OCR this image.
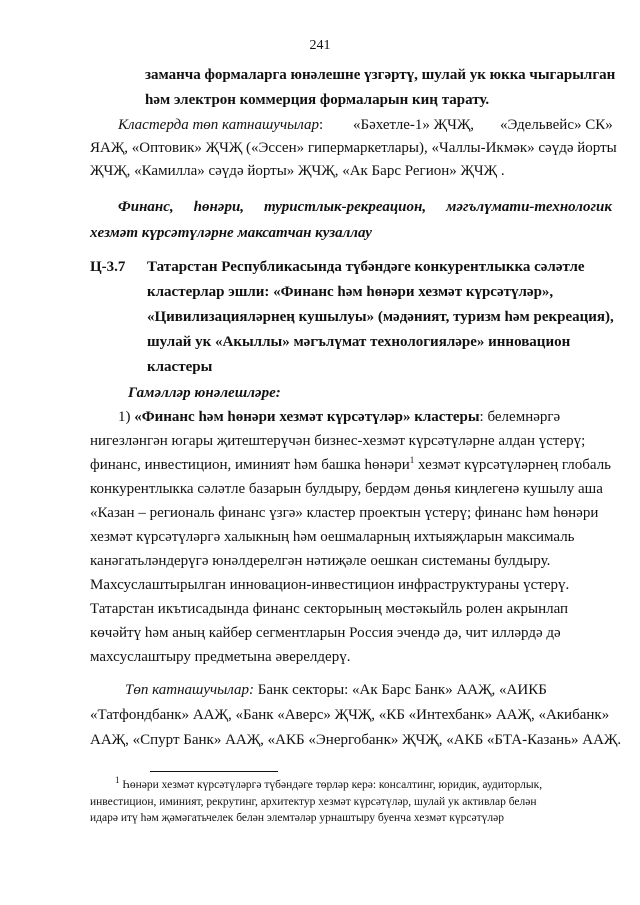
241
заманча формаларга юнәлешне үзгәртү, шулай ук юкка чыгарылган
һәм электрон коммерция формаларын киң тарату.
Кластерда төп катнашучылар: «Бәхетле-1» ҖЧҖ, «Эдельвейс» СК»
ЯАҖ, «Оптовик» ҖЧҖ («Эссен» гипермаркетлары), «Чаллы-Икмәк» сәүдә йорты
ҖЧҖ, «Камилла» сәүдә йорты» ҖЧҖ, «Ак Барс Регион» ҖЧҖ .
Финанс, һөнәри, туристлык-рекреацион, мәгълүмати-технологик
хезмәт күрсәтүләрне максатчан кузаллау
Ц-3.7 Татарстан Республикасында түбәндәге конкурентлыкка сәләтле
кластерлар эшли: «Финанс һәм һөнәри хезмәт күрсәтүләр»,
«Цивилизацияләрнең кушылуы» (мәдәният, туризм һәм рекреация),
шулай ук «Акыллы» мәгълүмат технологияләре» инновацион
кластеры
Гамәлләр юнәлешләре:
1) «Финанс һәм һөнәри хезмәт күрсәтүләр» кластеры: белемнәргә
нигезләнгән югары җитештерүчән бизнес-хезмәт күрсәтүләрне алдан үстерү;
финанс, инвестицион, иминият һәм башка һөнәри$^1$ хезмәт күрсәтүләрнең глобаль
конкурентлыкка сәләтле базарын булдыру, бердәм дөнья киңлегенә кушылу аша
«Казан – региональ финанс үзгә» кластер проектын үстерү; финанс һәм һөнәри
хезмәт күрсәтүләргә халыкның һәм оешмаларның ихтыяҗларын максималь
канәгатьләндерүгә юнәлдерелгән нәтиҗәле оешкан системаны булдыру.
Махсуслаштырылган инновацион-инвестицион инфраструктураны үстерү.
Татарстан икътисадында финанс секторының мөстәкыйль ролен акрынлап
көчәйтү һәм аның кайбер сегментларын Россия эчендә дә, чит илләрдә дә
махсуслаштыру предметына әверелдерү.
Төп катнашучылар: Банк секторы: «Ак Барс Банк» ААҖ, «АИКБ
«Татфондбанк» ААҖ, «Банк «Аверс» ҖЧҖ, «КБ «Интехбанк» ААҖ, «Акибанк»
ААҖ, «Спурт Банк» ААҖ, «АКБ «Энергобанк» ҖЧҖ, «АКБ «БТА-Казань» ААҖ.
$^1$ Һөнәри хезмәт күрсәтүләргә түбәндәге төрләр керә: консалтинг, юридик, аудиторлык,
инвестицион, иминият, рекрутинг, архитектур хезмәт күрсәтүләр, шулай ук активлар белән
идарә итү һәм җәмәгатьчелек белән элемтәләр урнаштыру буенча хезмәт күрсәтүләр
